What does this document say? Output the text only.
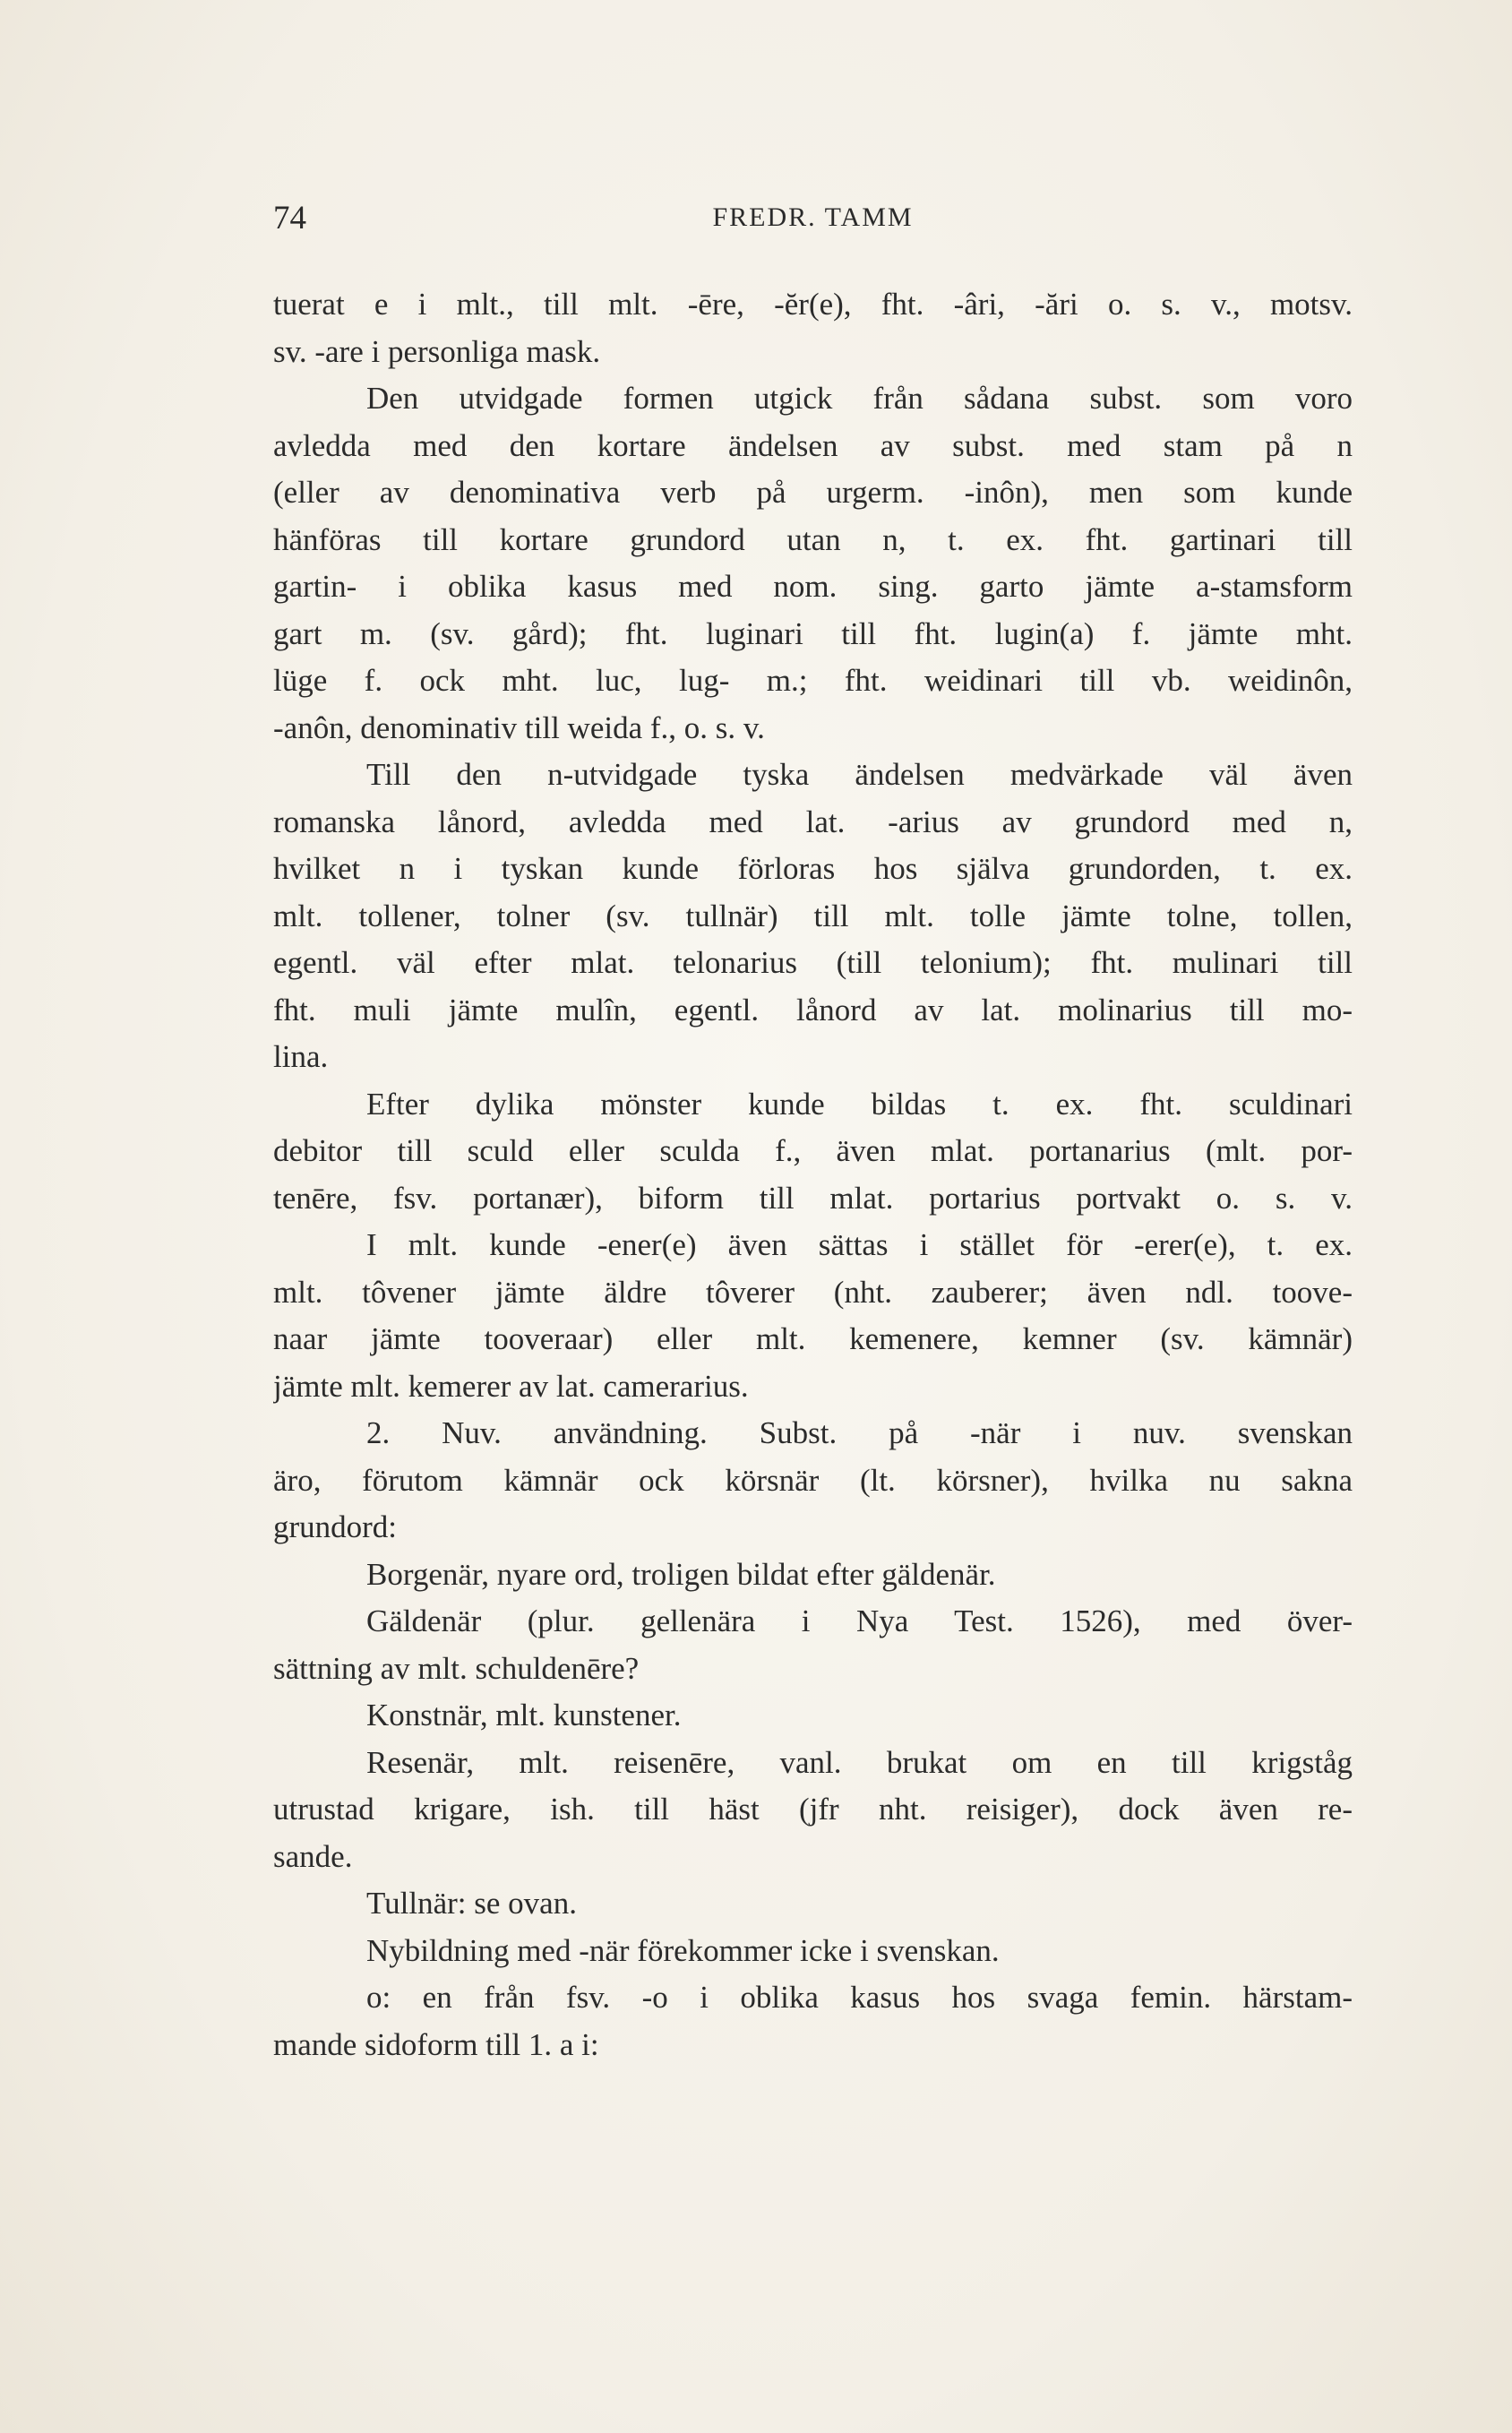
74	FREDR. TAMM
tuerat e i mlt., till mlt. -ēre, -ĕr(e), fht. -âri, -ări o. s. v., motsv.
sv. -are i personliga mask.
Den utvidgade formen utgick från sådana subst. som voro
avledda med den kortare ändelsen av subst. med stam på n
(eller av denominativa verb på urgerm. -inôn), men som kunde
hänföras till kortare grundord utan n, t. ex. fht. gartinari till
gartin- i oblika kasus med nom. sing. garto jämte a-stamsform
gart m. (sv. gård); fht. luginari till fht. lugin(a) f. jämte mht.
lüge f. ock mht. luc, lug- m.; fht. weidinari till vb. weidinôn,
-anôn, denominativ till weida f., o. s. v.
Till den n-utvidgade tyska ändelsen medvärkade väl även
romanska lånord, avledda med lat. -arius av grundord med n,
hvilket n i tyskan kunde förloras hos själva grundorden, t. ex.
mlt. tollener, tolner (sv. tullnär) till mlt. tolle jämte tolne, tollen,
egentl. väl efter mlat. telonarius (till telonium); fht. mulinari till
fht. muli jämte mulîn, egentl. lånord av lat. molinarius till mo-
lina.
Efter dylika mönster kunde bildas t. ex. fht. sculdinari
debitor till sculd eller sculda f., även mlat. portanarius (mlt. por-
tenēre, fsv. portanær), biform till mlat. portarius portvakt o. s. v.
I mlt. kunde -ener(e) även sättas i stället för -erer(e), t. ex.
mlt. tôvener jämte äldre tôverer (nht. zauberer; även ndl. toove-
naar jämte tooveraar) eller mlt. kemenere, kemner (sv. kämnär)
jämte mlt. kemerer av lat. camerarius.
2. Nuv. användning. Subst. på -när i nuv. svenskan
äro, förutom kämnär ock körsnär (lt. körsner), hvilka nu sakna
grundord:
Borgenär, nyare ord, troligen bildat efter gäldenär.
Gäldenär (plur. gellenära i Nya Test. 1526), med över-
sättning av mlt. schuldenēre?
Konstnär, mlt. kunstener.
Resenär, mlt. reisenēre, vanl. brukat om en till krigståg
utrustad krigare, ish. till häst (jfr nht. reisiger), dock även re-
sande.
Tullnär: se ovan.
Nybildning med -när förekommer icke i svenskan.
o: en från fsv. -o i oblika kasus hos svaga femin. härstam-
mande sidoform till 1. a i:
